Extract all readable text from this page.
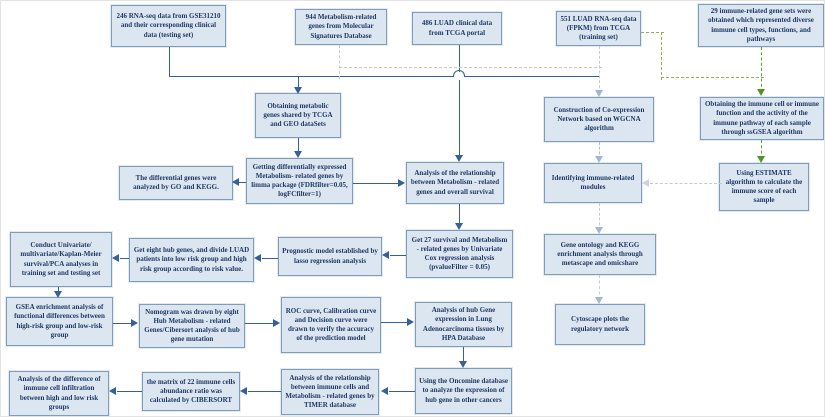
246 RNA-seq data from GSE31210 and their corresponding clinical data (testing set)
944 Metabolism-related genes from Molecular Signatures Database
486 LUAD clinical data from TCGA portal
551 LUAD RNA-seq data (FPKM) from TCGA (training set)
29 immune-related gene sets were obtained which represented diverse immune cell types, functions, and pathways
Obtaining metabolic genes shared by TCGA and GEO dataSets
Construction of Co-expression Network based on WGCNA algorithm
Obtaining the immune cell or immune function and the activity of the immune pathway of each sample through ssGSEA algorithm
The differential genes were analyzed by GO and KEGG.
Getting differentially expressed Metabolism- related genes by limma package (FDRfilter=0.05, logFCfilter=1)
Analysis of the relationship between Metabolism - related genes and overall survival
Identifying immune-related modules
Using ESTIMATE algorithm to calculate the immune score of each sample
Conduct Univariate/ multivariate/Kaplan-Meier survival/PCA analyses in training set and testing set
Get eight hub genes, and divide LUAD patients into low risk group and high risk group according to risk value.
Prognostic model established by lasso regression analysis
Get 27 survival and Metabolism - related genes by Univariate Cox regression analysis (pvalueFilter = 0.05)
Gene ontology and KEGG enrichment analysis through metascape and omicshare
GSEA enrichment analysis of functional differences between high-risk group and low-risk group
Nomogram was drawn by eight Hub Metabolism - related Genes/Cibersort analysis of hub gene mutation
ROC curve, Calibration curve and Decision curve were drawn to verify the accuracy of the prediction model
Analysis of hub Gene expression in Lung Adenocarcinoma tissues by HPA Database
Cytoscape plots the regulatory network
Analysis of the difference of immune cell infiltration between high and low risk groups
the matrix of 22 immune cells abundance ratio was calculated by CIBERSORT
Analysis of the relationship between immune cells and Metabolism - related genes by TIMER database
Using the Oncomine database to analyze the expression of hub gene in other cancers
